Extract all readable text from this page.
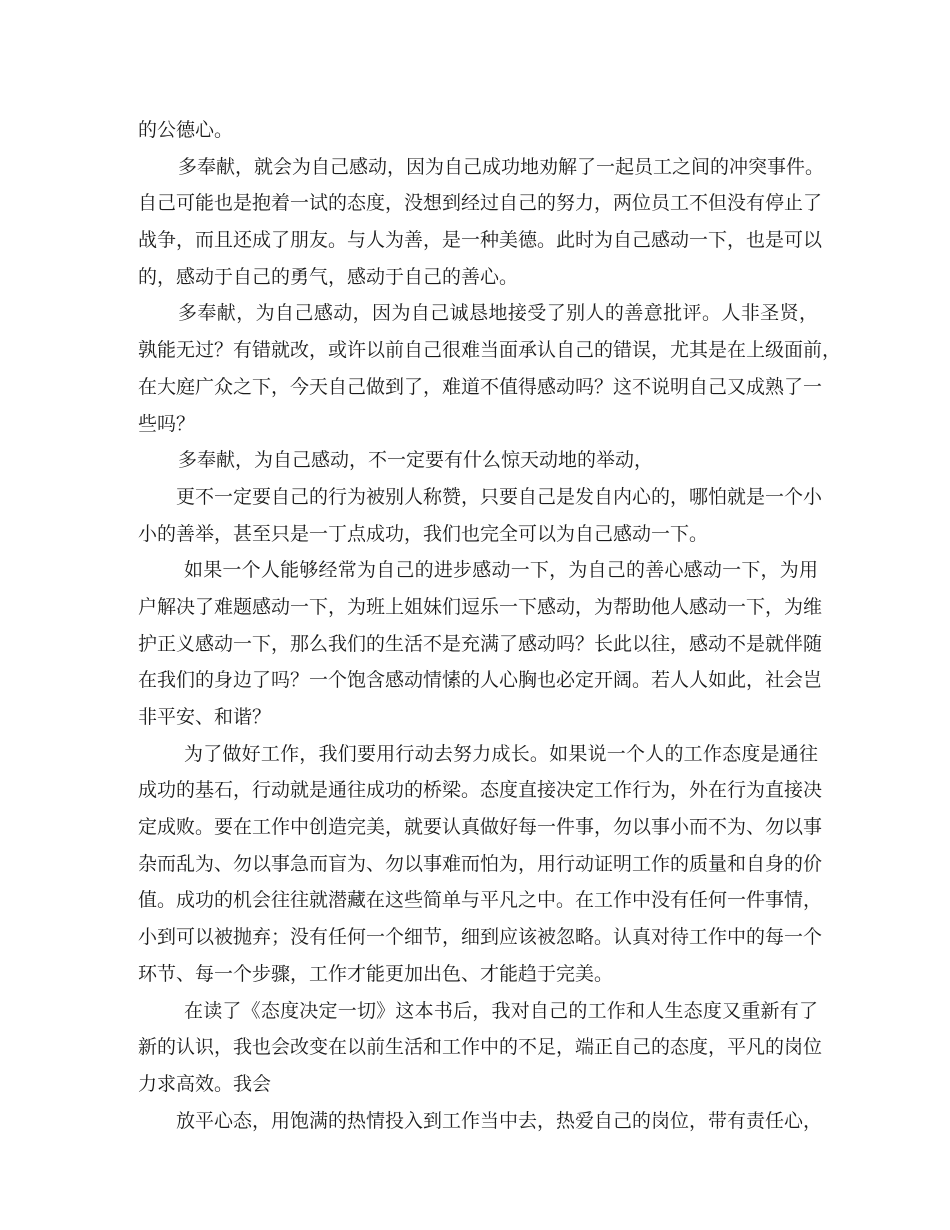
的公德心。
多奉献，就会为自己感动，因为自己成功地劝解了一起员工之间的冲突事件。
自己可能也是抱着一试的态度，没想到经过自己的努力，两位员工不但没有停止了
战争，而且还成了朋友。与人为善，是一种美德。此时为自己感动一下，也是可以
的，感动于自己的勇气，感动于自己的善心。
多奉献，为自己感动，因为自己诚恳地接受了别人的善意批评。人非圣贤，
孰能无过？有错就改，或许以前自己很难当面承认自己的错误，尤其是在上级面前，
在大庭广众之下，今天自己做到了，难道不值得感动吗？这不说明自己又成熟了一
些吗？
多奉献，为自己感动，不一定要有什么惊天动地的举动，
更不一定要自己的行为被别人称赞，只要自己是发自内心的，哪怕就是一个小
小的善举，甚至只是一丁点成功，我们也完全可以为自己感动一下。
如果一个人能够经常为自己的进步感动一下，为自己的善心感动一下，为用
户解决了难题感动一下，为班上姐妹们逗乐一下感动，为帮助他人感动一下，为维
护正义感动一下，那么我们的生活不是充满了感动吗？长此以往，感动不是就伴随
在我们的身边了吗？一个饱含感动情愫的人心胸也必定开阔。若人人如此，社会岂
非平安、和谐？
为了做好工作，我们要用行动去努力成长。如果说一个人的工作态度是通往
成功的基石，行动就是通往成功的桥梁。态度直接决定工作行为，外在行为直接决
定成败。要在工作中创造完美，就要认真做好每一件事，勿以事小而不为、勿以事
杂而乱为、勿以事急而盲为、勿以事难而怕为，用行动证明工作的质量和自身的价
值。成功的机会往往就潜藏在这些简单与平凡之中。在工作中没有任何一件事情，
小到可以被抛弃；没有任何一个细节，细到应该被忽略。认真对待工作中的每一个
环节、每一个步骤，工作才能更加出色、才能趋于完美。
在读了《态度决定一切》这本书后，我对自己的工作和人生态度又重新有了
新的认识，我也会改变在以前生活和工作中的不足，端正自己的态度，平凡的岗位
力求高效。我会
放平心态，用饱满的热情投入到工作当中去，热爱自己的岗位，带有责任心，
